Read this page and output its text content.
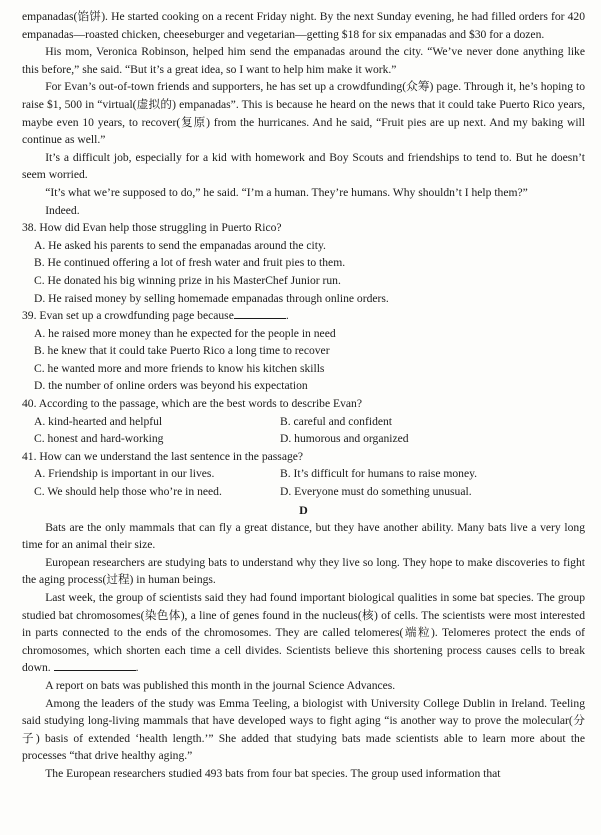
empanadas(馅饼). He started cooking on a recent Friday night. By the next Sunday evening, he had filled orders for 420 empanadas—roasted chicken, cheeseburger and vegetarian—getting $18 for six empanadas and $30 for a dozen.

His mom, Veronica Robinson, helped him send the empanadas around the city. “We’ve never done anything like this before,” she said. “But it’s a great idea, so I want to help him make it work.”

For Evan’s out-of-town friends and supporters, he has set up a crowdfunding(众筹) page. Through it, he’s hoping to raise $1, 500 in “virtual(虚拟的) empanadas”. This is because he heard on the news that it could take Puerto Rico years, maybe even 10 years, to recover(复原) from the hurricanes. And he said, “Fruit pies are up next. And my baking will continue as well.”

It’s a difficult job, especially for a kid with homework and Boy Scouts and friendships to tend to. But he doesn’t seem worried.

“It’s what we’re supposed to do,” he said. “I’m a human. They’re humans. Why shouldn’t I help them?”

Indeed.

38. How did Evan help those struggling in Puerto Rico?
A. He asked his parents to send the empanadas around the city.
B. He continued offering a lot of fresh water and fruit pies to them.
C. He donated his big winning prize in his MasterChef Junior run.
D. He raised money by selling homemade empanadas through online orders.
39. Evan set up a crowdfunding page because	.
A. he raised more money than he expected for the people in need
B. he knew that it could take Puerto Rico a long time to recover
C. he wanted more and more friends to know his kitchen skills
D. the number of online orders was beyond his expectation
40. According to the passage, which are the best words to describe Evan?
A. kind-hearted and helpful	B. careful and confident
C. honest and hard-working	D. humorous and organized
41. How can we understand the last sentence in the passage?
A. Friendship is important in our lives.	B. It’s difficult for humans to raise money.
C. We should help those who’re in need.	D. Everyone must do something unusual.
D

Bats are the only mammals that can fly a great distance, but they have another ability. Many bats live a very long time for an animal their size.

European researchers are studying bats to understand why they live so long. They hope to make discoveries to fight the aging process(过程) in human beings.

Last week, the group of scientists said they had found important biological qualities in some bat species. The group studied bat chromosomes(染色体), a line of genes found in the nucleus(核) of cells. The scientists were most interested in parts connected to the ends of the chromosomes. They are called telomeres(端粒). Telomeres protect the ends of chromosomes, which shorten each time a cell divides. Scientists believe this shortening process causes cells to break down.	.

A report on bats was published this month in the journal Science Advances.

Among the leaders of the study was Emma Teeling, a biologist with University College Dublin in Ireland. Teeling said studying long-living mammals that have developed ways to fight aging “is another way to prove the molecular(分子) basis of extended ‘health length.’” She added that studying bats made scientists able to learn more about the processes “that drive healthy aging.”

The European researchers studied 493 bats from four bat species. The group used information that
